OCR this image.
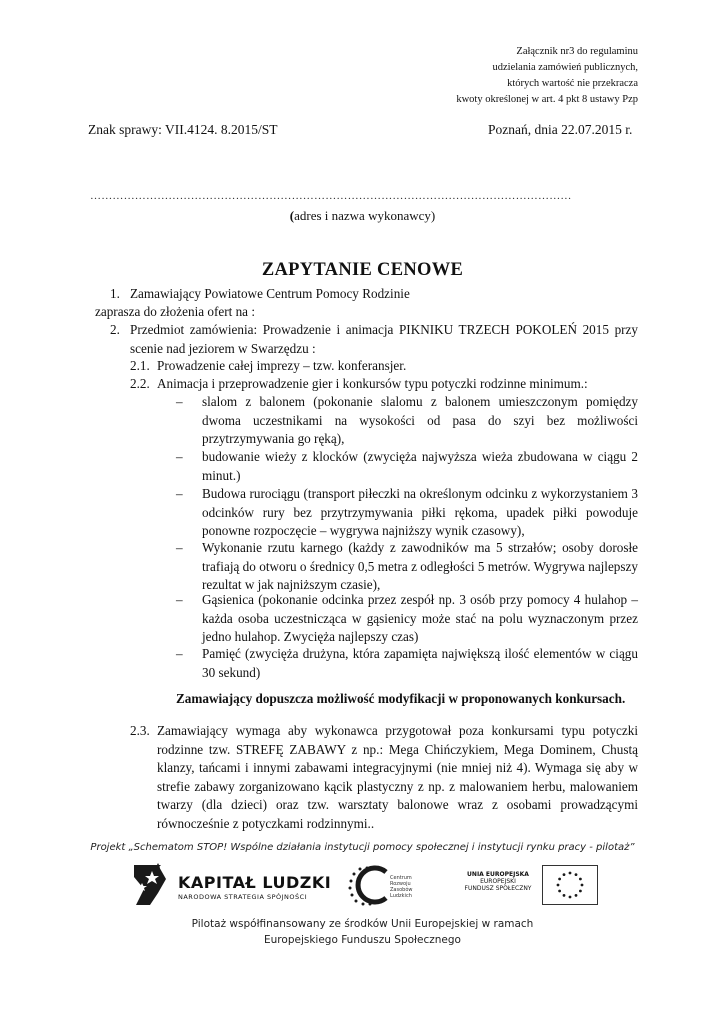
Załącznik nr3 do regulaminu
udzielania zamówień publicznych,
których wartość nie przekracza
kwoty określonej w art. 4 pkt 8 ustawy Pzp
Znak sprawy: VII.4124. 8.2015/ST	Poznań, dnia 22.07.2015 r.
…………………………………………………………………………………………………………………
(adres i nazwa wykonawcy)
ZAPYTANIE CENOWE
1. Zamawiający Powiatowe Centrum Pomocy Rodzinie
zaprasza do złożenia ofert na :
2. Przedmiot zamówienia: Prowadzenie i animacja PIKNIKU TRZECH POKOLEŃ 2015 przy scenie nad jeziorem w Swarzędzu :
2.1. Prowadzenie całej imprezy – tzw. konferansjer.
2.2. Animacja i przeprowadzenie gier i konkursów typu potyczki rodzinne minimum.:
– slalom z balonem (pokonanie slalomu z balonem umieszczonym pomiędzy dwoma uczestnikami na wysokości od pasa do szyi bez możliwości przytrzymywania go ręką),
– budowanie wieży z klocków (zwycięża najwyższa wieża zbudowana w ciągu 2 minut.)
– Budowa rurociągu (transport piłeczki na określonym odcinku z wykorzystaniem 3 odcinków rury bez przytrzymywania piłki rękoma, upadek piłki powoduje ponowne rozpoczęcie – wygrywa najniższy wynik czasowy),
– Wykonanie rzutu karnego (każdy z zawodników ma 5 strzałów; osoby dorosłe trafiają do otworu o średnicy 0,5 metra z odległości 5 metrów. Wygrywa najlepszy rezultat w jak najniższym czasie),
– Gąsienica (pokonanie odcinka przez zespół np. 3 osób przy pomocy 4 hulahop – każda osoba uczestnicząca w gąsienicy może stać na polu wyznaczonym przez jedno hulahop. Zwycięża najlepszy czas)
– Pamięć (zwycięża drużyna, która zapamięta największą ilość elementów w ciągu 30 sekund)
Zamawiający dopuszcza możliwość modyfikacji w proponowanych konkursach.
2.3. Zamawiający wymaga aby wykonawca przygotował poza konkursami typu potyczki rodzinne tzw. STREFĘ ZABAWY z np.: Mega Chińczykiem, Mega Dominem, Chustą klanzy, tańcami i innymi zabawami integracyjnymi (nie mniej niż 4). Wymaga się aby w strefie zabawy zorganizowano kącik plastyczny z np. z malowaniem herbu, malowaniem twarzy (dla dzieci) oraz tzw. warsztaty balonowe wraz z osobami prowadzącymi równocześnie z potyczkami rodzinnymi..
Projekt „Schematom STOP! Wspólne działania instytucji pomocy społecznej i instytucji rynku pracy - pilotaż”
KAPITAŁ LUDZKI
NARODOWA STRATEGIA SPÓJNOŚCI
Centrum
Rozwoju
Zasobów
Ludzkich
UNIA EUROPEJSKA
EUROPEJSKI
FUNDUSZ SPOŁECZNY
Pilotaż współfinansowany ze środków Unii Europejskiej w ramach
Europejskiego Funduszu Społecznego
